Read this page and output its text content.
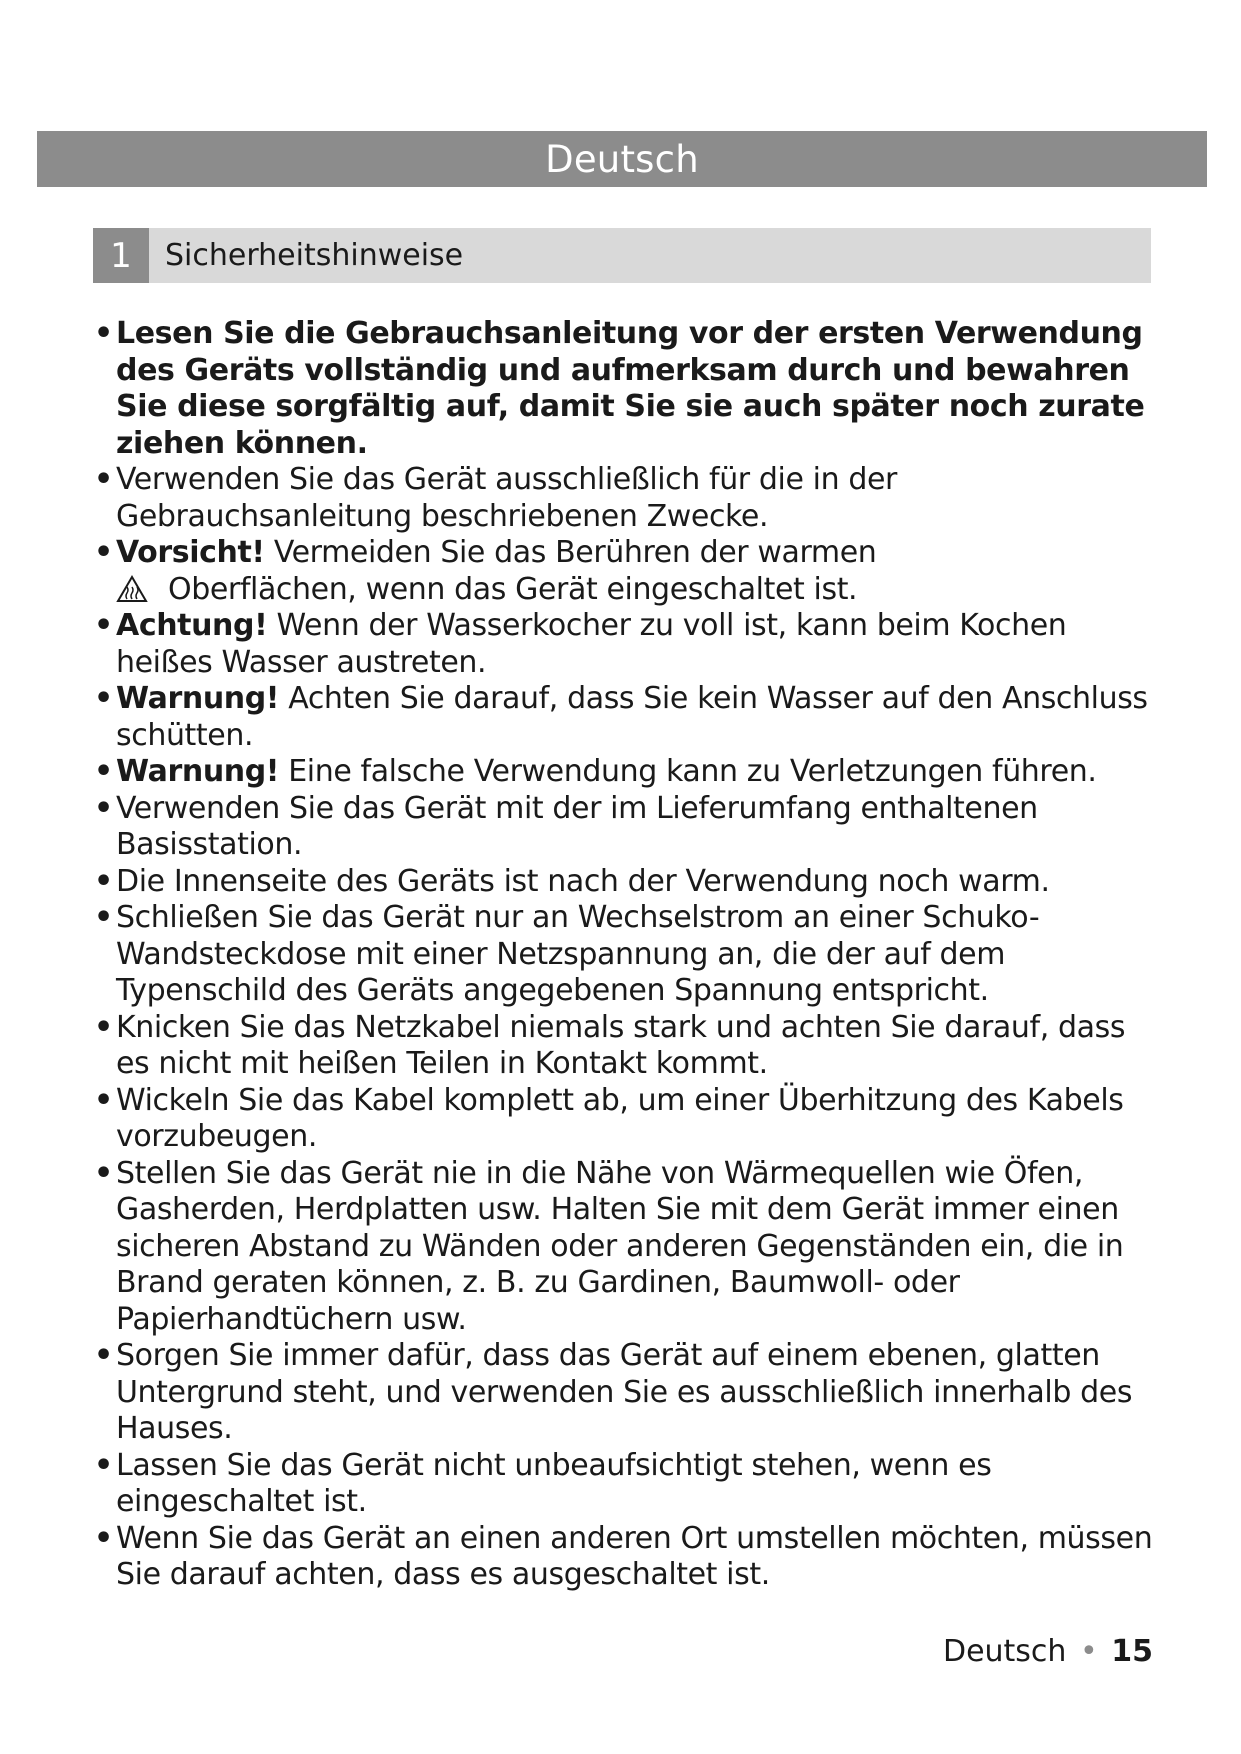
Deutsch
1	Sicherheitshinweise
• Lesen Sie die Gebrauchsanleitung vor der ersten Verwendung des Geräts vollständig und aufmerksam durch und bewahren Sie diese sorgfältig auf, damit Sie sie auch später noch zurate ziehen können.
• Verwenden Sie das Gerät ausschließlich für die in der Gebrauchsanleitung beschriebenen Zwecke.
• Vorsicht! Vermeiden Sie das Berühren der warmen
Oberflächen, wenn das Gerät eingeschaltet ist.
• Achtung! Wenn der Wasserkocher zu voll ist, kann beim Kochen heißes Wasser austreten.
• Warnung! Achten Sie darauf, dass Sie kein Wasser auf den Anschluss schütten.
• Warnung! Eine falsche Verwendung kann zu Verletzungen führen.
• Verwenden Sie das Gerät mit der im Lieferumfang enthaltenen Basisstation.
• Die Innenseite des Geräts ist nach der Verwendung noch warm.
• Schließen Sie das Gerät nur an Wechselstrom an einer Schuko-Wandsteckdose mit einer Netzspannung an, die der auf dem Typenschild des Geräts angegebenen Spannung entspricht.
• Knicken Sie das Netzkabel niemals stark und achten Sie darauf, dass es nicht mit heißen Teilen in Kontakt kommt.
• Wickeln Sie das Kabel komplett ab, um einer Überhitzung des Kabels vorzubeugen.
• Stellen Sie das Gerät nie in die Nähe von Wärmequellen wie Öfen, Gasherden, Herdplatten usw. Halten Sie mit dem Gerät immer einen sicheren Abstand zu Wänden oder anderen Gegenständen ein, die in Brand geraten können, z. B. zu Gardinen, Baumwoll- oder Papierhandtüchern usw.
• Sorgen Sie immer dafür, dass das Gerät auf einem ebenen, glatten Untergrund steht, und verwenden Sie es ausschließlich innerhalb des Hauses.
• Lassen Sie das Gerät nicht unbeaufsichtigt stehen, wenn es eingeschaltet ist.
• Wenn Sie das Gerät an einen anderen Ort umstellen möchten, müssen Sie darauf achten, dass es ausgeschaltet ist.
Deutsch • 15
